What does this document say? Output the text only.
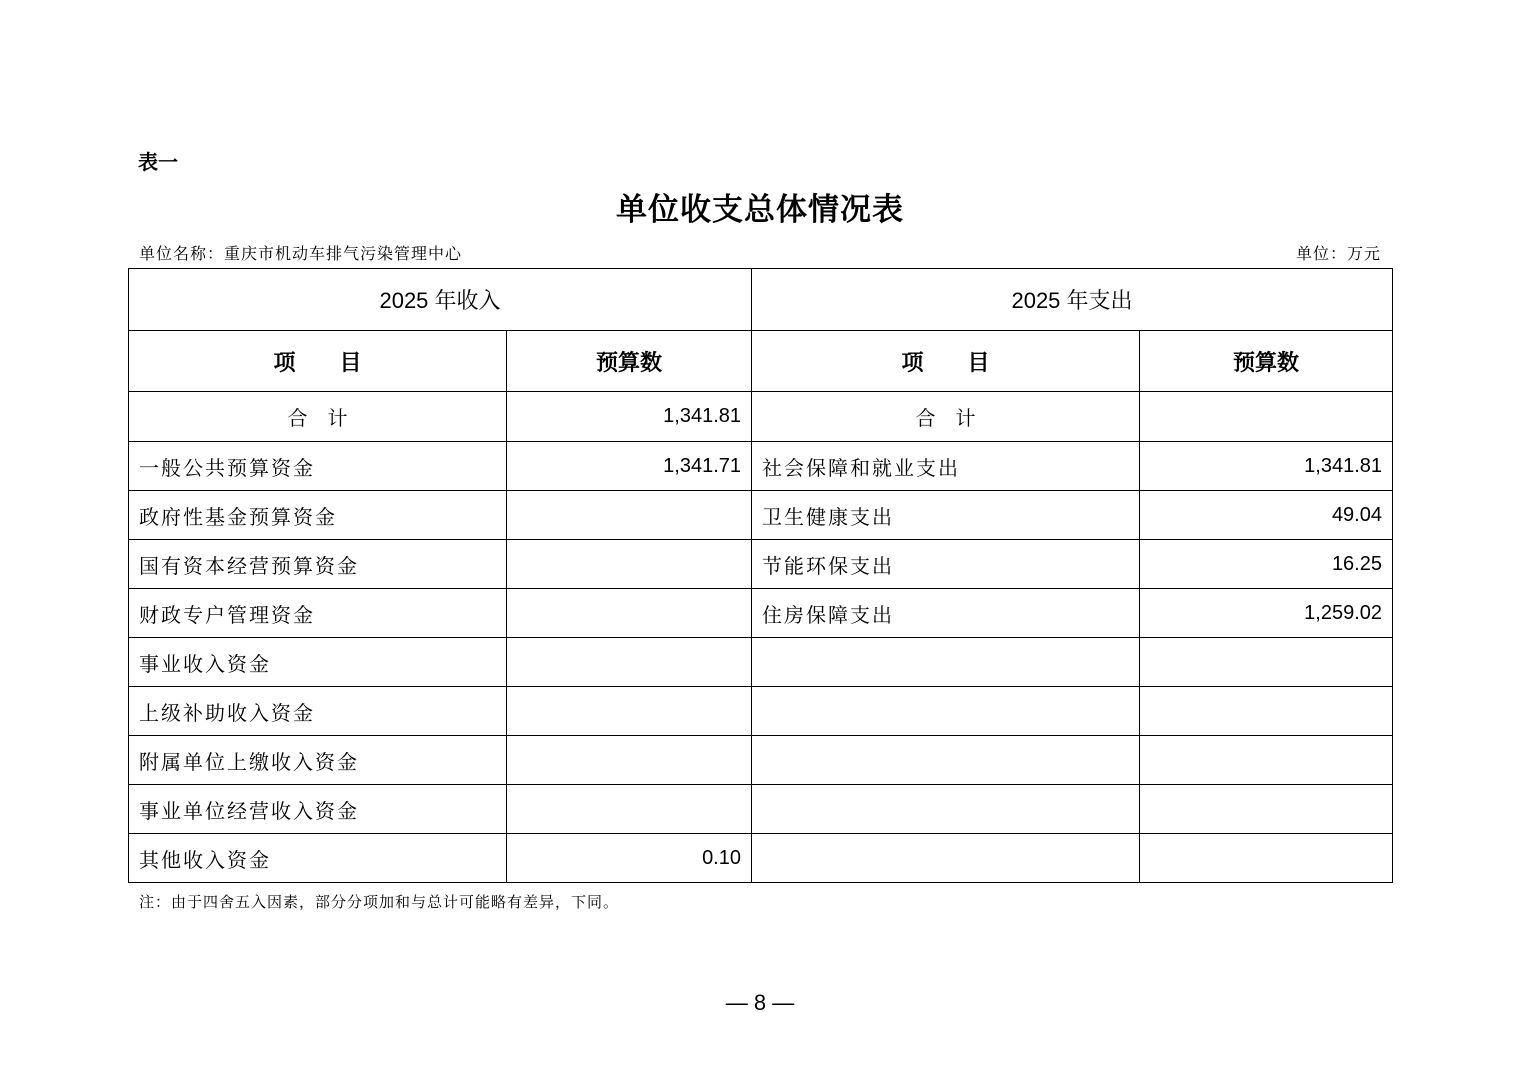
表一
单位收支总体情况表
单位名称：重庆市机动车排气污染管理中心	单位：万元
2025 年收入		2025 年支出	
项　　目	预算数	项　　目	预算数
合　计	1,341.81	合　计	
一般公共预算资金	1,341.71	社会保障和就业支出	1,341.81
政府性基金预算资金		卫生健康支出	49.04
国有资本经营预算资金		节能环保支出	16.25
财政专户管理资金		住房保障支出	1,259.02
事业收入资金			
上级补助收入资金			
附属单位上缴收入资金			
事业单位经营收入资金			
其他收入资金	0.10		
注：由于四舍五入因素，部分分项加和与总计可能略有差异，下同。
— 8 —
